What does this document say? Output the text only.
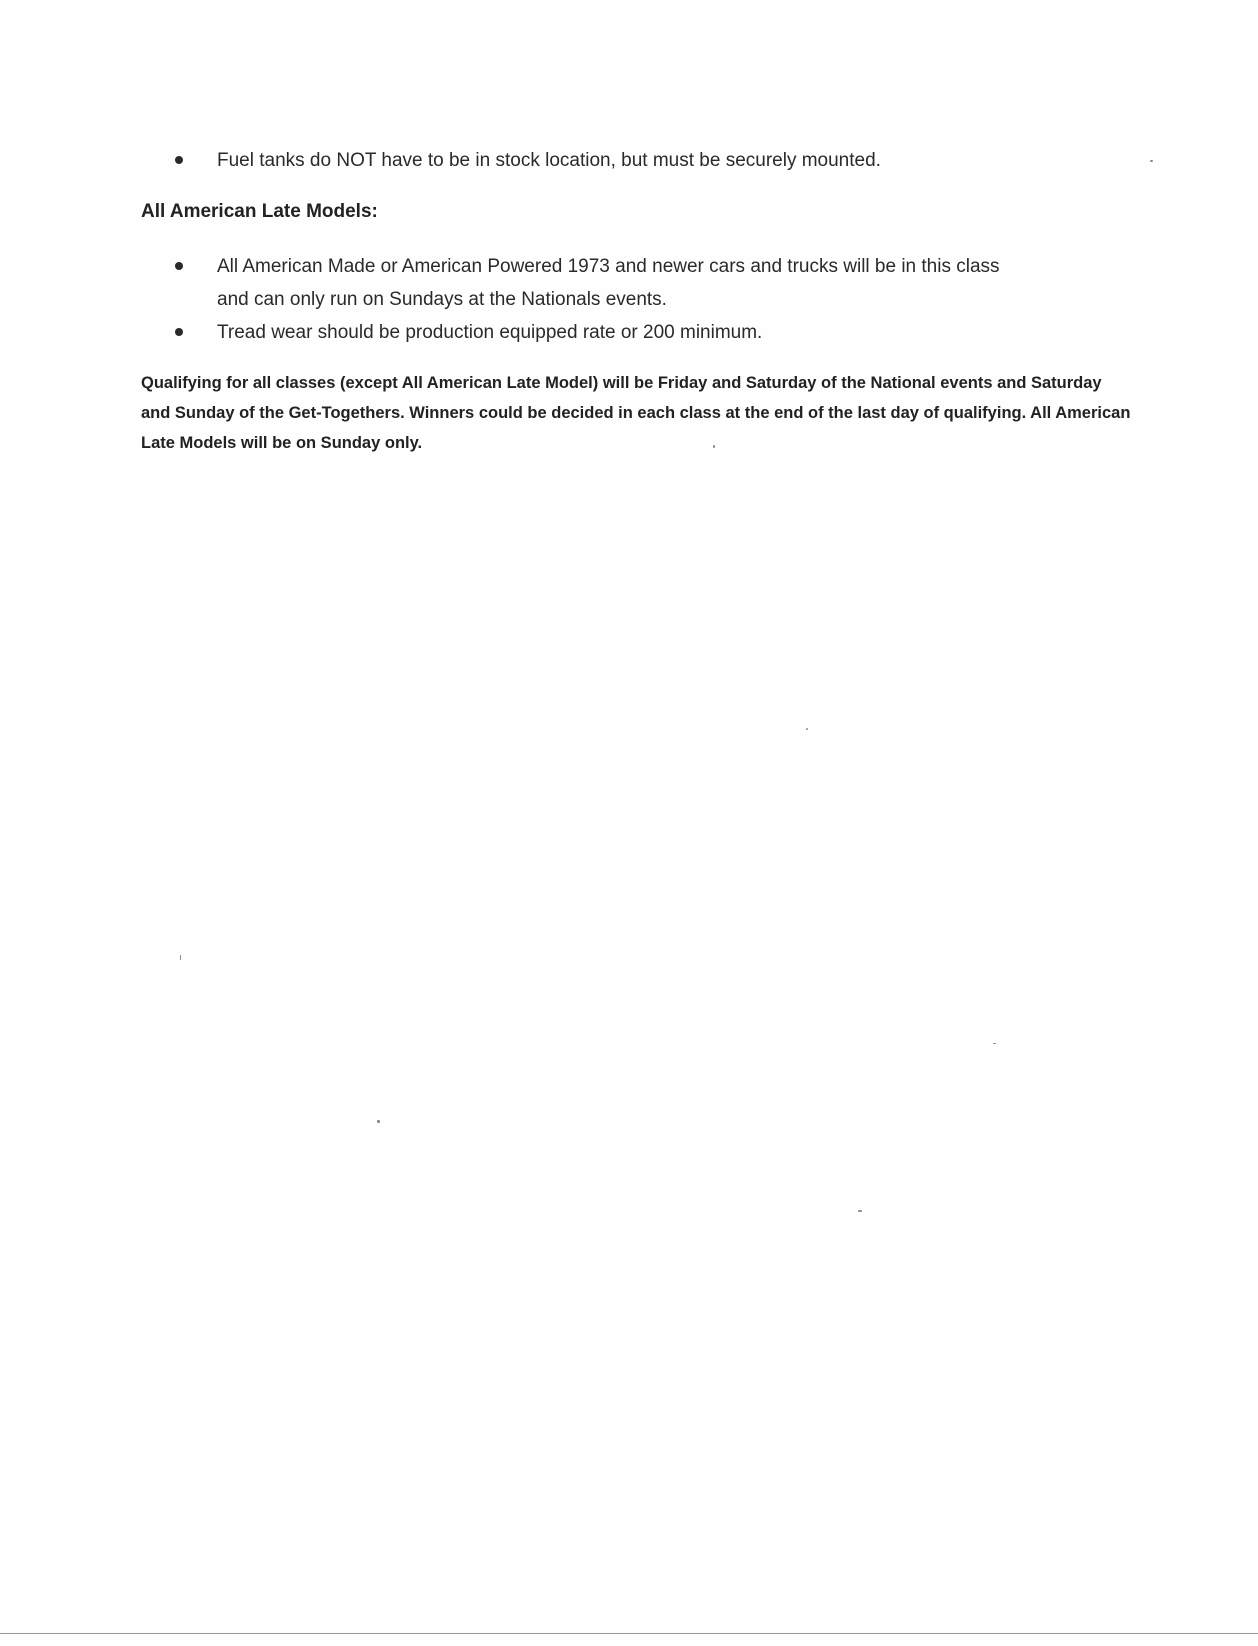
Fuel tanks do NOT have to be in stock location, but must be securely mounted.
All American Late Models:
All American Made or American Powered 1973 and newer cars and trucks will be in this class
and can only run on Sundays at the Nationals events.
Tread wear should be production equipped rate or 200 minimum.
Qualifying for all classes (except All American Late Model) will be Friday and Saturday of the National events and Saturday and Sunday of the Get-Togethers. Winners could be decided in each class at the end of the last day of qualifying. All American Late Models will be on Sunday only.
